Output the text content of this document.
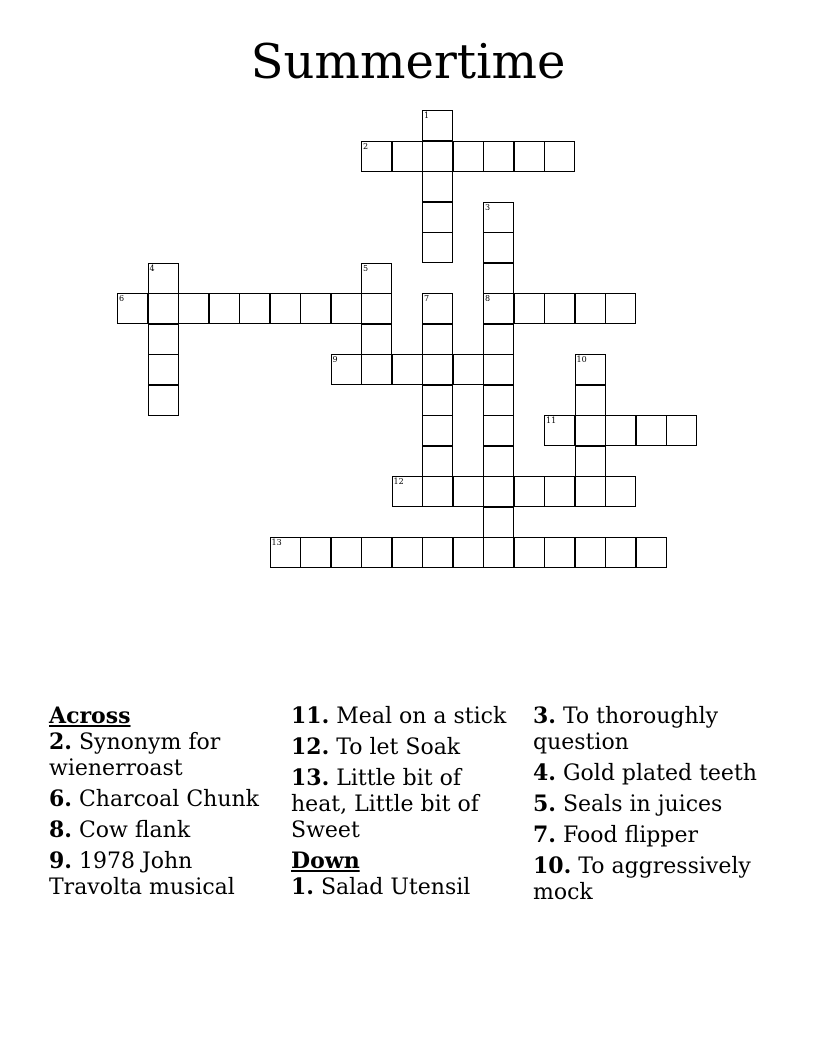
Summertime
1
2
3
8
4	5
6	7
9	10
11
12
13
Across
2. Synonym for wienerroast
6. Charcoal Chunk
8. Cow flank
9. 1978 John Travolta musical
11. Meal on a stick
12. To let Soak
13. Little bit of heat, Little bit of Sweet
Down
1. Salad Utensil
3. To thoroughly question
4. Gold plated teeth
5. Seals in juices
7. Food flipper
10. To aggressively mock
